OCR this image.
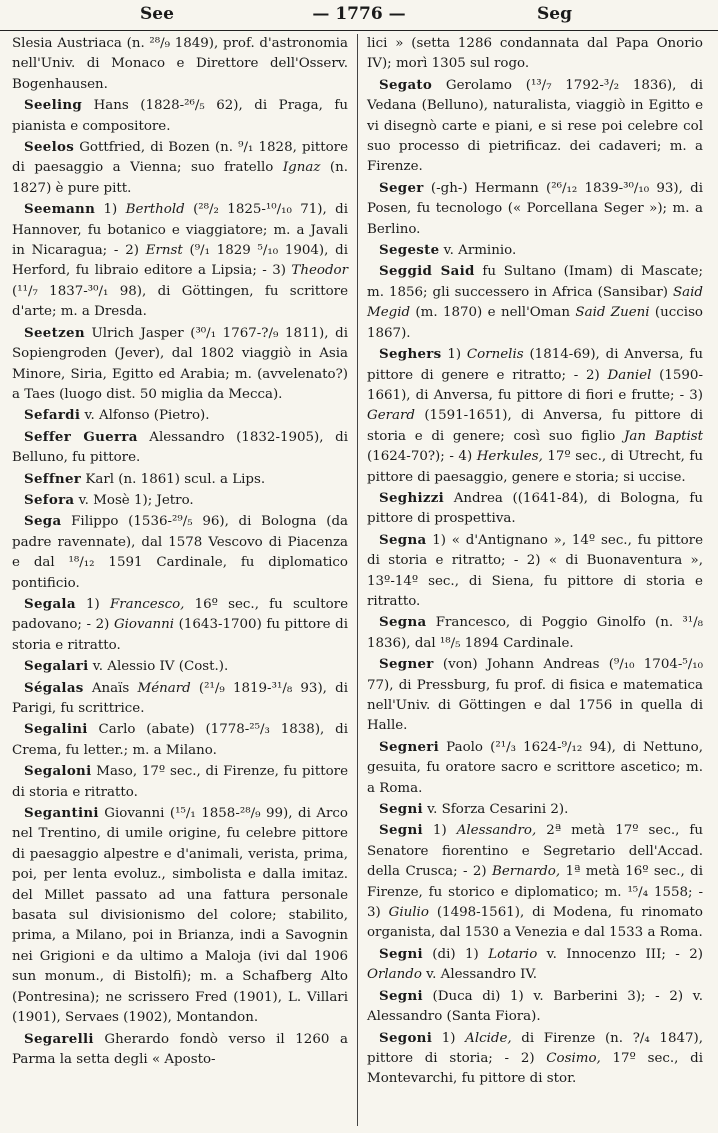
See	— 1776 —	Seg

Slesia Austriaca (n. ²⁸/₉ 1849), prof. d'astronomia nell'Univ. di Monaco e Direttore dell'Osserv. Bogenhausen.

Seeling Hans (1828-²⁶/₅ 62), di Praga, fu pianista e compositore.

Seelos Gottfried, di Bozen (n. ⁹/₁ 1828, pittore di paesaggio a Vienna; suo fratello Ignaz (n. 1827) è pure pitt.

Seemann 1) Berthold (²⁸/₂ 1825-¹⁰/₁₀ 71), di Hannover, fu botanico e viaggiatore; m. a Javali in Nicaragua; - 2) Ernst (⁹/₁ 1829 ⁵/₁₀ 1904), di Herford, fu libraio editore a Lipsia; - 3) Theodor (¹¹/₇ 1837-³⁰/₁ 98), di Göttingen, fu scrittore d'arte; m. a Dresda.

Seetzen Ulrich Jasper (³⁰/₁ 1767-?/₉ 1811), di Sopiengroden (Jever), dal 1802 viaggiò in Asia Minore, Siria, Egitto ed Arabia; m. (avvelenato?) a Taes (luogo dist. 50 miglia da Mecca).

Sefardi v. Alfonso (Pietro).

Seffer Guerra Alessandro (1832-1905), di Belluno, fu pittore.

Seffner Karl (n. 1861) scul. a Lips.

Sefora v. Mosè 1); Jetro.

Sega Filippo (1536-²⁹/₅ 96), di Bologna (da padre ravennate), dal 1578 Vescovo di Piacenza e dal ¹⁸/₁₂ 1591 Cardinale, fu diplomatico pontificio.

Segala 1) Francesco, 16º sec., fu scultore padovano; - 2) Giovanni (1643-1700) fu pittore di storia e ritratto.

Segalari v. Alessio IV (Cost.).

Ségalas Anaïs Ménard (²¹/₉ 1819-³¹/₈ 93), di Parigi, fu scrittrice.

Segalini Carlo (abate) (1778-²⁵/₃ 1838), di Crema, fu letter.; m. a Milano.

Segaloni Maso, 17º sec., di Firenze, fu pittore di storia e ritratto.

Segantini Giovanni (¹⁵/₁ 1858-²⁸/₉ 99), di Arco nel Trentino, di umile origine, fu celebre pittore di paesaggio alpestre e d'animali, verista, prima, poi, per lenta evoluz., simbolista e dalla imitaz. del Millet passato ad una fattura personale basata sul divisionismo del colore; stabilito, prima, a Milano, poi in Brianza, indi a Savognin nei Grigioni e da ultimo a Maloja (ivi dal 1906 sun monum., di Bistolfi); m. a Schafberg Alto (Pontresina); ne scrissero Fred (1901), L. Villari (1901), Servaes (1902), Montandon.

Segarelli Gherardo fondò verso il 1260 a Parma la setta degli « Aposto-

lici » (setta 1286 condannata dal Papa Onorio IV); morì 1305 sul rogo.

Segato Gerolamo (¹³/₇ 1792-³/₂ 1836), di Vedana (Belluno), naturalista, viaggiò in Egitto e vi disegnò carte e piani, e si rese poi celebre col suo processo di pietrificaz. dei cadaveri; m. a Firenze.

Seger (-gh-) Hermann (²⁶/₁₂ 1839-³⁰/₁₀ 93), di Posen, fu tecnologo (« Porcellana Seger »); m. a Berlino.

Segeste v. Arminio.

Seggid Said fu Sultano (Imam) di Mascate; m. 1856; gli successero in Africa (Sansibar) Said Megid (m. 1870) e nell'Oman Said Zueni (ucciso 1867).

Seghers 1) Cornelis (1814-69), di Anversa, fu pittore di genere e ritratto; - 2) Daniel (1590-1661), di Anversa, fu pittore di fiori e frutte; - 3) Gerard (1591-1651), di Anversa, fu pittore di storia e di genere; così suo figlio Jan Baptist (1624-70?); - 4) Herkules, 17º sec., di Utrecht, fu pittore di paesaggio, genere e storia; si uccise.

Seghizzi Andrea ((1641-84), di Bologna, fu pittore di prospettiva.

Segna 1) « d'Antignano », 14º sec., fu pittore di storia e ritratto; - 2) « di Buonaventura », 13º-14º sec., di Siena, fu pittore di storia e ritratto.

Segna Francesco, di Poggio Ginolfo (n. ³¹/₈ 1836), dal ¹⁸/₅ 1894 Cardinale.

Segner (von) Johann Andreas (⁹/₁₀ 1704-⁵/₁₀ 77), di Pressburg, fu prof. di fisica e matematica nell'Univ. di Göttingen e dal 1756 in quella di Halle.

Segneri Paolo (²¹/₃ 1624-⁹/₁₂ 94), di Nettuno, gesuita, fu oratore sacro e scrittore ascetico; m. a Roma.

Segni v. Sforza Cesarini 2).

Segni 1) Alessandro, 2ª metà 17º sec., fu Senatore fiorentino e Segretario dell'Accad. della Crusca; - 2) Bernardo, 1ª metà 16º sec., di Firenze, fu storico e diplomatico; m. ¹⁵/₄ 1558; - 3) Giulio (1498-1561), di Modena, fu rinomato organista, dal 1530 a Venezia e dal 1533 a Roma.

Segni (di) 1) Lotario v. Innocenzo III; - 2) Orlando v. Alessandro IV.

Segni (Duca di) 1) v. Barberini 3); - 2) v. Alessandro (Santa Fiora).

Segoni 1) Alcide, di Firenze (n. ?/₄ 1847), pittore di storia; - 2) Cosimo, 17º sec., di Montevarchi, fu pittore di stor.
